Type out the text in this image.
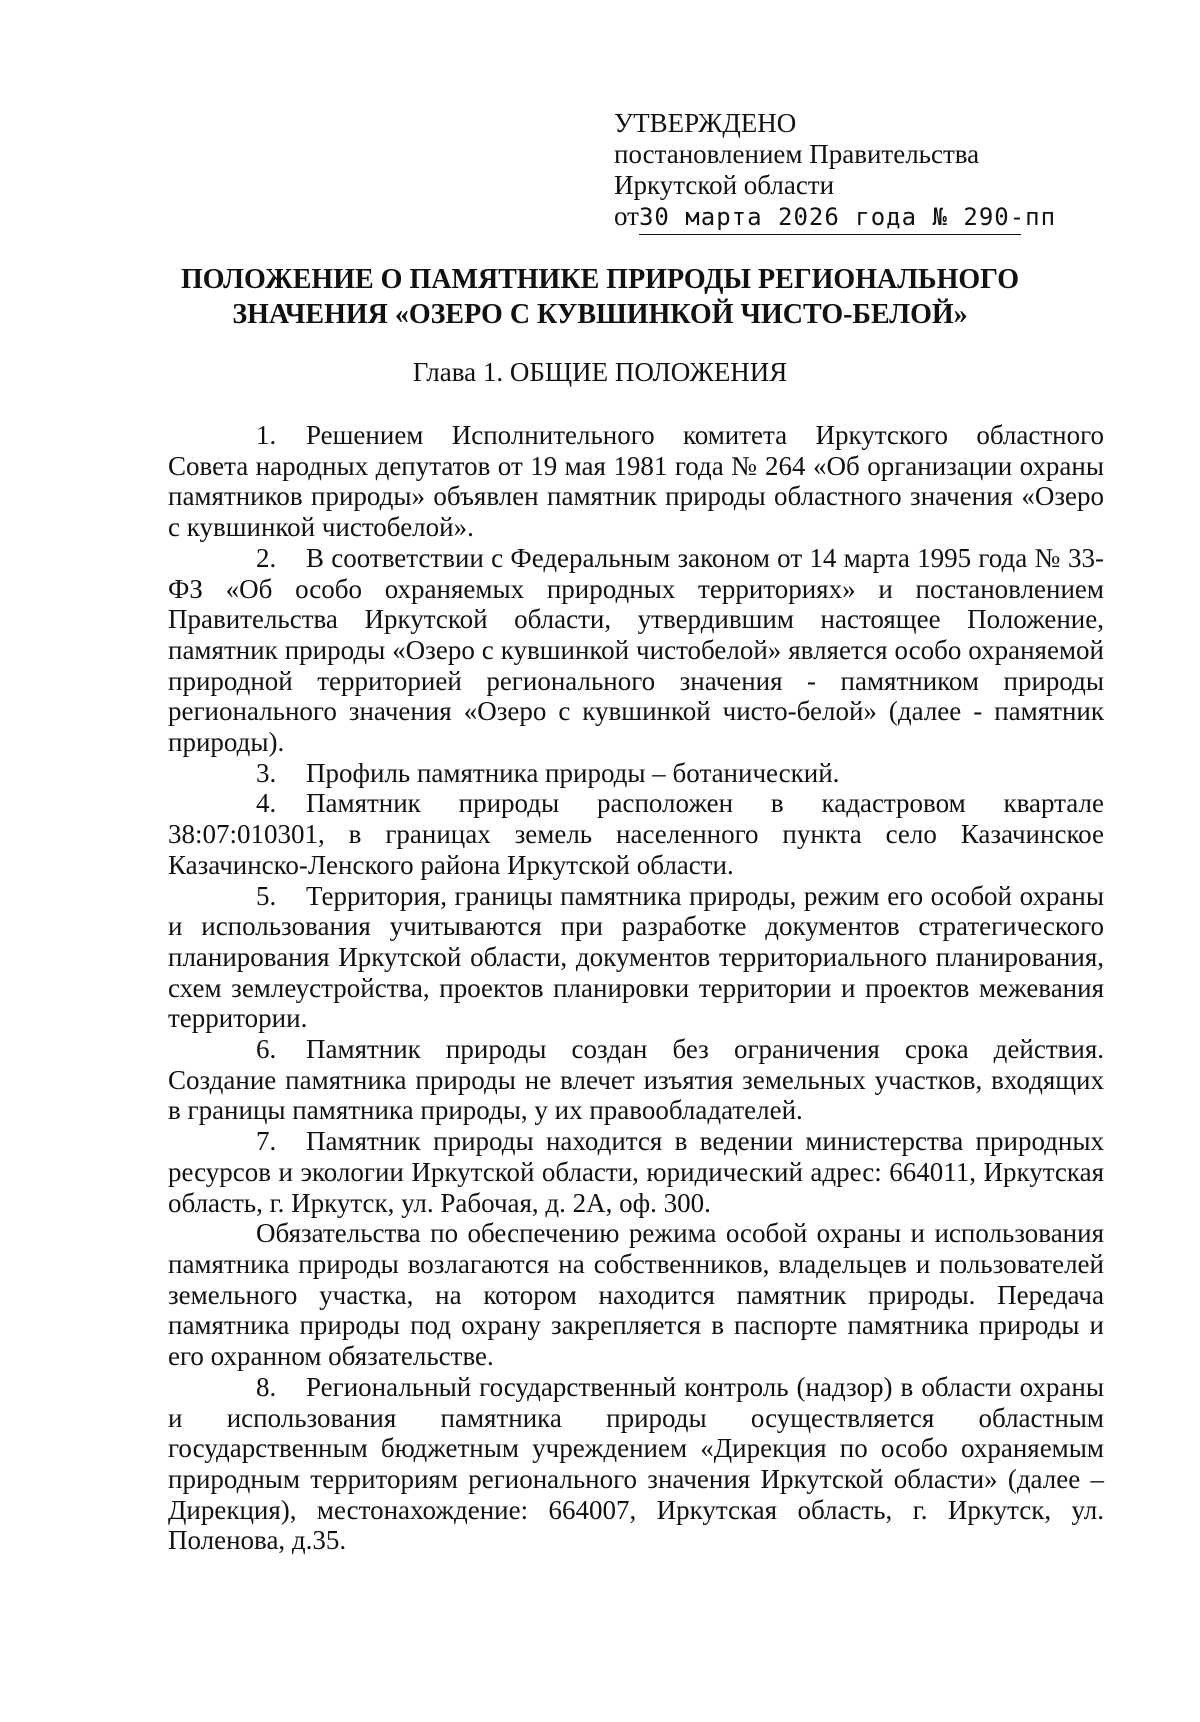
УТВЕРЖДЕНО
постановлением Правительства
Иркутской области
от30 марта 2026 года № 290-пп
ПОЛОЖЕНИЕ О ПАМЯТНИКЕ ПРИРОДЫ РЕГИОНАЛЬНОГО
ЗНАЧЕНИЯ «ОЗЕРО С КУВШИНКОЙ ЧИСТО-БЕЛОЙ»
Глава 1. ОБЩИЕ ПОЛОЖЕНИЯ

1. Решением Исполнительного комитета Иркутского областного Совета народных депутатов от 19 мая 1981 года № 264 «Об организации охраны памятников природы» объявлен памятник природы областного значения «Озеро с кувшинкой чистобелой».

2. В соответствии с Федеральным законом от 14 марта 1995 года № 33-ФЗ «Об особо охраняемых природных территориях» и постановлением Правительства Иркутской области, утвердившим настоящее Положение, памятник природы «Озеро с кувшинкой чистобелой» является особо охраняемой природной территорией регионального значения - памятником природы регионального значения «Озеро с кувшинкой чисто-белой» (далее - памятник природы).

3. Профиль памятника природы – ботанический.

4. Памятник природы расположен в кадастровом квартале 38:07:010301, в границах земель населенного пункта село Казачинское Казачинско-Ленского района Иркутской области.

5. Территория, границы памятника природы, режим его особой охраны и использования учитываются при разработке документов стратегического планирования Иркутской области, документов территориального планирования, схем землеустройства, проектов планировки территории и проектов межевания территории.

6. Памятник природы создан без ограничения срока действия. Создание памятника природы не влечет изъятия земельных участков, входящих в границы памятника природы, у их правообладателей.

7. Памятник природы находится в ведении министерства природных ресурсов и экологии Иркутской области, юридический адрес: 664011, Иркутская область, г. Иркутск, ул. Рабочая, д. 2А, оф. 300.

Обязательства по обеспечению режима особой охраны и использования памятника природы возлагаются на собственников, владельцев и пользователей земельного участка, на котором находится памятник природы. Передача памятника природы под охрану закрепляется в паспорте памятника природы и его охранном обязательстве.

8. Региональный государственный контроль (надзор) в области охраны и использования памятника природы осуществляется областным государственным бюджетным учреждением «Дирекция по особо охраняемым природным территориям регионального значения Иркутской области» (далее – Дирекция), местонахождение: 664007, Иркутская область, г. Иркутск, ул. Поленова, д.35.
